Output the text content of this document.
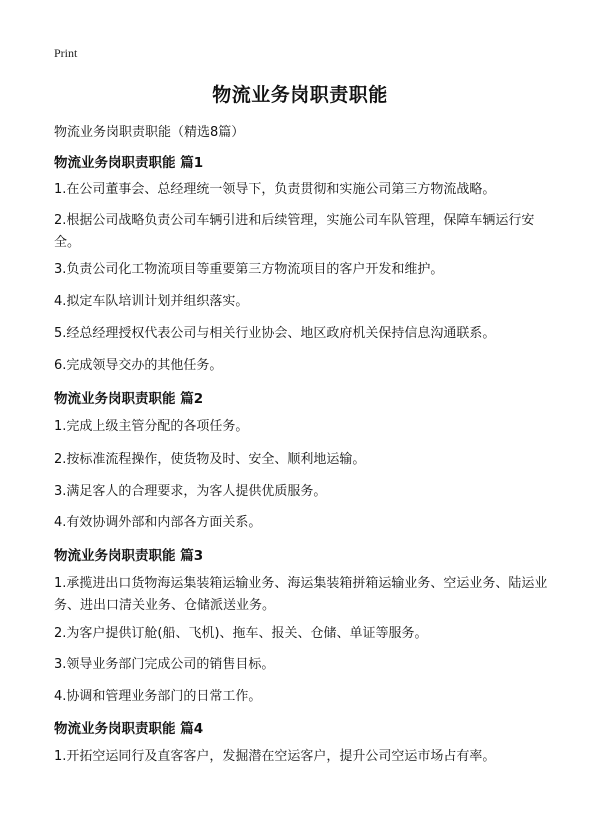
Print
物流业务岗职责职能
物流业务岗职责职能（精选8篇）
物流业务岗职责职能 篇1
1.在公司董事会、总经理统一领导下，负责贯彻和实施公司第三方物流战略。
2.根据公司战略负责公司车辆引进和后续管理，实施公司车队管理，保障车辆运行安全。
3.负责公司化工物流项目等重要第三方物流项目的客户开发和维护。
4.拟定车队培训计划并组织落实。
5.经总经理授权代表公司与相关行业协会、地区政府机关保持信息沟通联系。
6.完成领导交办的其他任务。
物流业务岗职责职能 篇2
1.完成上级主管分配的各项任务。
2.按标准流程操作，使货物及时、安全、顺利地运输。
3.满足客人的合理要求，为客人提供优质服务。
4.有效协调外部和内部各方面关系。
物流业务岗职责职能 篇3
1.承揽进出口货物海运集装箱运输业务、海运集装箱拼箱运输业务、空运业务、陆运业务、进出口清关业务、仓储派送业务。
2.为客户提供订舱(船、飞机)、拖车、报关、仓储、单证等服务。
3.领导业务部门完成公司的销售目标。
4.协调和管理业务部门的日常工作。
物流业务岗职责职能 篇4
1.开拓空运同行及直客客户，发掘潜在空运客户，提升公司空运市场占有率。
